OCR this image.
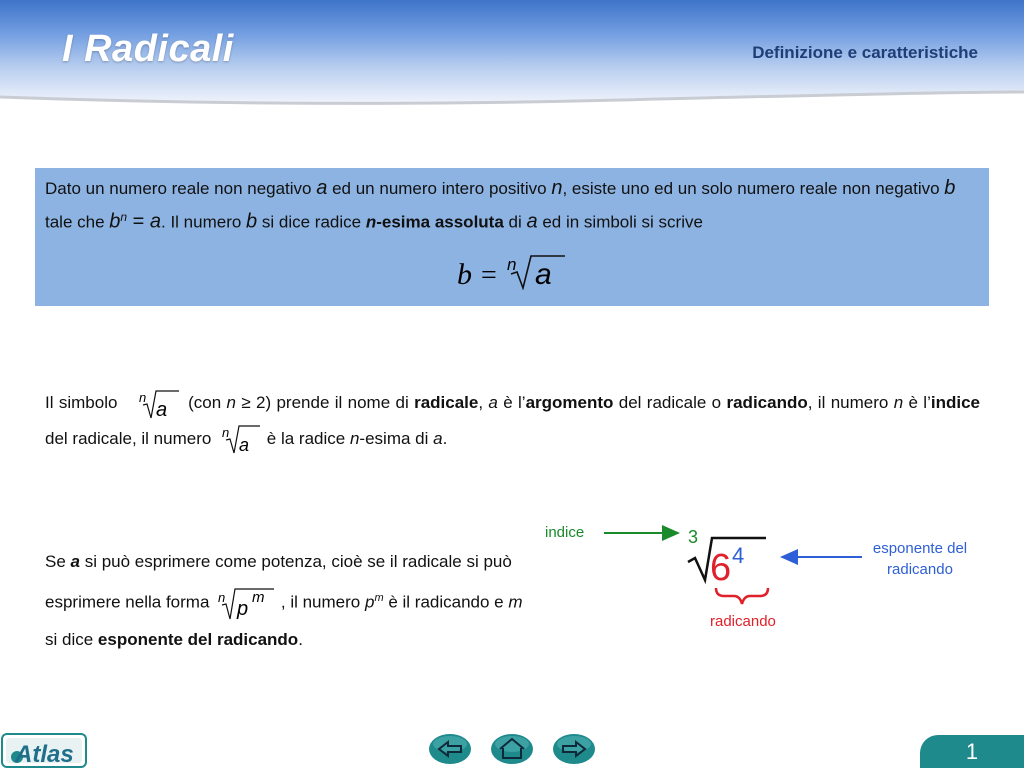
I Radicali	Definizione e caratteristiche
Dato un numero reale non negativo a ed un numero intero positivo n, esiste uno ed un solo numero reale non negativo b tale che $b^n = a$. Il numero b si dice radice n-esima assoluta di a ed in simboli si scrive
b = n a
Il simbolo n
a (con n ≥ 2) prende il nome di radicale, a è l’argomento del radicale o radicando, il numero n è l’indice del radicale, il numero n
a è la radice n-esima di a.
Se a si può esprimere come potenza, cioè se il radicale si può esprimere nella forma n
p
m , il numero $p^m$ è il radicando e m si dice esponente del radicando.
indice	3
6 4
radicando
esponente del
radicando
Atlas	1
